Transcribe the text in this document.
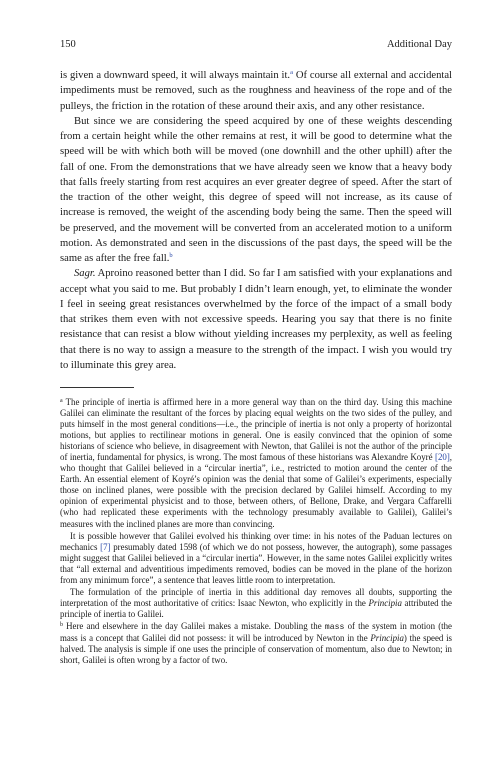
150	Additional Day

is given a downward speed, it will always maintain it.$^a$ Of course all external and accidental impediments must be removed, such as the roughness and heaviness of the rope and of the pulleys, the friction in the rotation of these around their axis, and any other resistance.

But since we are considering the speed acquired by one of these weights descending from a certain height while the other remains at rest, it will be good to determine what the speed will be with which both will be moved (one downhill and the other uphill) after the fall of one. From the demonstrations that we have already seen we know that a heavy body that falls freely starting from rest acquires an ever greater degree of speed. After the start of the traction of the other weight, this degree of speed will not increase, as its cause of increase is removed, the weight of the ascending body being the same. Then the speed will be preserved, and the movement will be converted from an accelerated motion to a uniform motion. As demonstrated and seen in the discussions of the past days, the speed will be the same as after the free fall.$^b$

Sagr. Aproino reasoned better than I did. So far I am satisfied with your explanations and accept what you said to me. But probably I didn’t learn enough, yet, to eliminate the wonder I feel in seeing great resistances overwhelmed by the force of the impact of a small body that strikes them even with not excessive speeds. Hearing you say that there is no finite resistance that can resist a blow without yielding increases my perplexity, as well as feeling that there is no way to assign a measure to the strength of the impact. I wish you would try to illuminate this grey area.

$^a$ The principle of inertia is affirmed here in a more general way than on the third day. Using this machine Galilei can eliminate the resultant of the forces by placing equal weights on the two sides of the pulley, and puts himself in the most general conditions—i.e., the principle of inertia is not only a property of horizontal motions, but applies to rectilinear motions in general. One is easily convinced that the opinion of some historians of science who believe, in disagreement with Newton, that Galilei is not the author of the principle of inertia, fundamental for physics, is wrong. The most famous of these historians was Alexandre Koyré [20], who thought that Galilei believed in a “circular inertia”, i.e., restricted to motion around the center of the Earth. An essential element of Koyré’s opinion was the denial that some of Galilei’s experiments, especially those on inclined planes, were possible with the precision declared by Galilei himself. According to my opinion of experimental physicist and to those, between others, of Bellone, Drake, and Vergara Caffarelli (who had replicated these experiments with the technology presumably available to Galilei), Galilei’s measures with the inclined planes are more than convincing.

It is possible however that Galilei evolved his thinking over time: in his notes of the Paduan lectures on mechanics [7] presumably dated 1598 (of which we do not possess, however, the autograph), some passages might suggest that Galilei believed in a “circular inertia”. However, in the same notes Galilei explicitly writes that “all external and adventitious impediments removed, bodies can be moved in the plane of the horizon from any minimum force”, a sentence that leaves little room to interpretation.

The formulation of the principle of inertia in this additional day removes all doubts, supporting the interpretation of the most authoritative of critics: Isaac Newton, who explicitly in the Principia attributed the principle of inertia to Galilei.

$^b$ Here and elsewhere in the day Galilei makes a mistake. Doubling the mass of the system in motion (the mass is a concept that Galilei did not possess: it will be introduced by Newton in the Principia) the speed is halved. The analysis is simple if one uses the principle of conservation of momentum, also due to Newton; in short, Galilei is often wrong by a factor of two.
